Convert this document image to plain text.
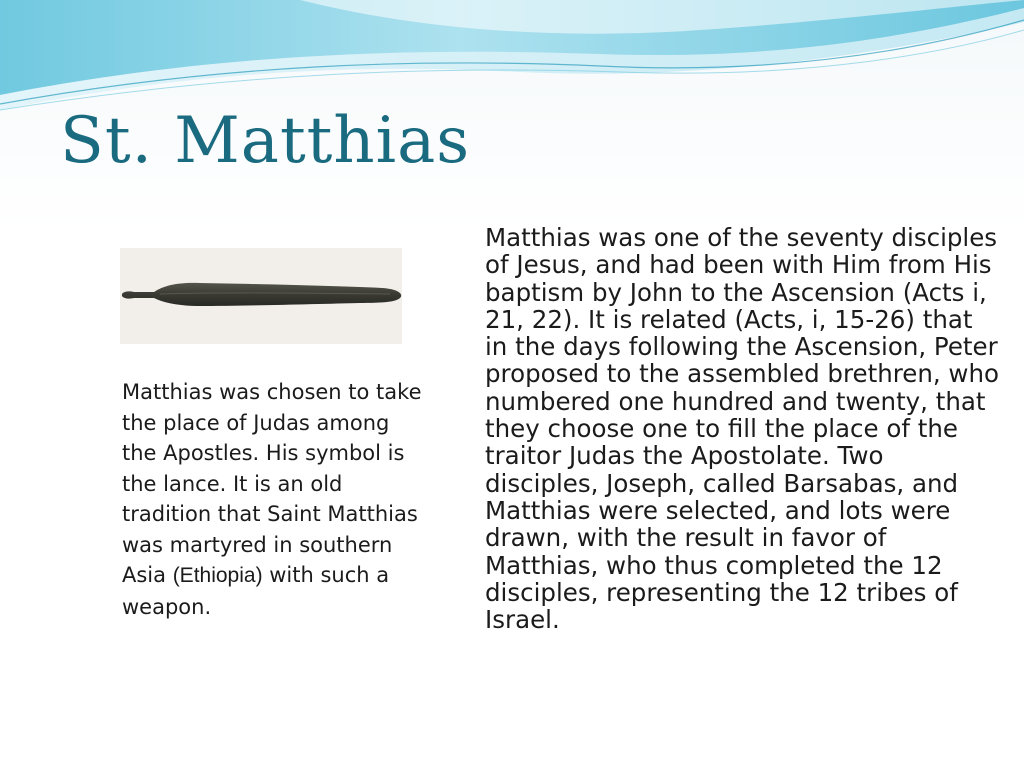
St. Matthias
Matthias was chosen to take the place of Judas among the Apostles. His symbol is the lance. It is an old tradition that Saint Matthias was martyred in southern Asia (Ethiopia) with such a weapon.
Matthias was one of the seventy disciples of Jesus, and had been with Him from His baptism by John to the Ascension (Acts i, 21, 22). It is related (Acts, i, 15-26) that in the days following the Ascension, Peter proposed to the assembled brethren, who numbered one hundred and twenty, that they choose one to fill the place of the traitor Judas the Apostolate. Two disciples, Joseph, called Barsabas, and Matthias were selected, and lots were drawn, with the result in favor of Matthias, who thus completed the 12 disciples, representing the 12 tribes of Israel.
